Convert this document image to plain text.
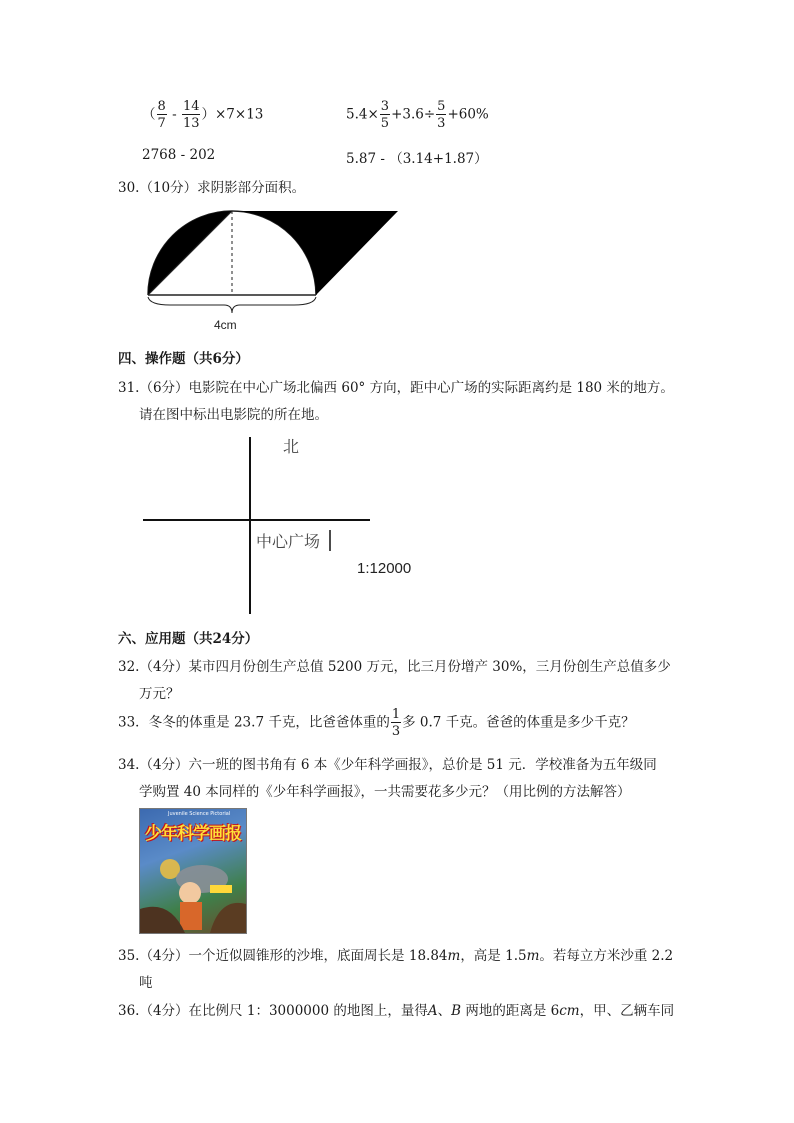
（ $\frac{8}{7} - \frac{14}{13} )\times 7\times 13$	$5.4\times \frac{3}{5} +3.6\div \frac{5}{3} +60\%$
2768 - 202	5.87 - （3.14+1.87）
30.（10分）求阴影部分面积。
4cm
四、操作题（共6分）
31.（6分）电影院在中心广场北偏西 60° 方向，距中心广场的实际距离约是 180 米的地方。
请在图中标出电影院的所在地。
北
中心广场
1:12000
六、应用题（共24分）
32.（4分）某市四月份创生产总值 5200 万元，比三月份增产 30%，三月份创生产总值多少
万元？
33．冬冬的体重是 23.7 千克，比爸爸体重的 $\frac{1}{3}$ 多 0.7 千克。爸爸的体重是多少千克？
34.（4分）六一班的图书角有 6 本《少年科学画报》，总价是 51 元．学校准备为五年级同
学购置 40 本同样的《少年科学画报》，一共需要花多少元？（用比例的方法解答）
Juvenile Science Pictorial
少年科学画报
35.（4分）一个近似圆锥形的沙堆，底面周长是 18.84m，高是 1.5m。若每立方米沙重 2.2
吨
36.（4分）在比例尺 1：3000000 的地图上，量得A、B 两地的距离是 6cm，甲、乙辆车同
